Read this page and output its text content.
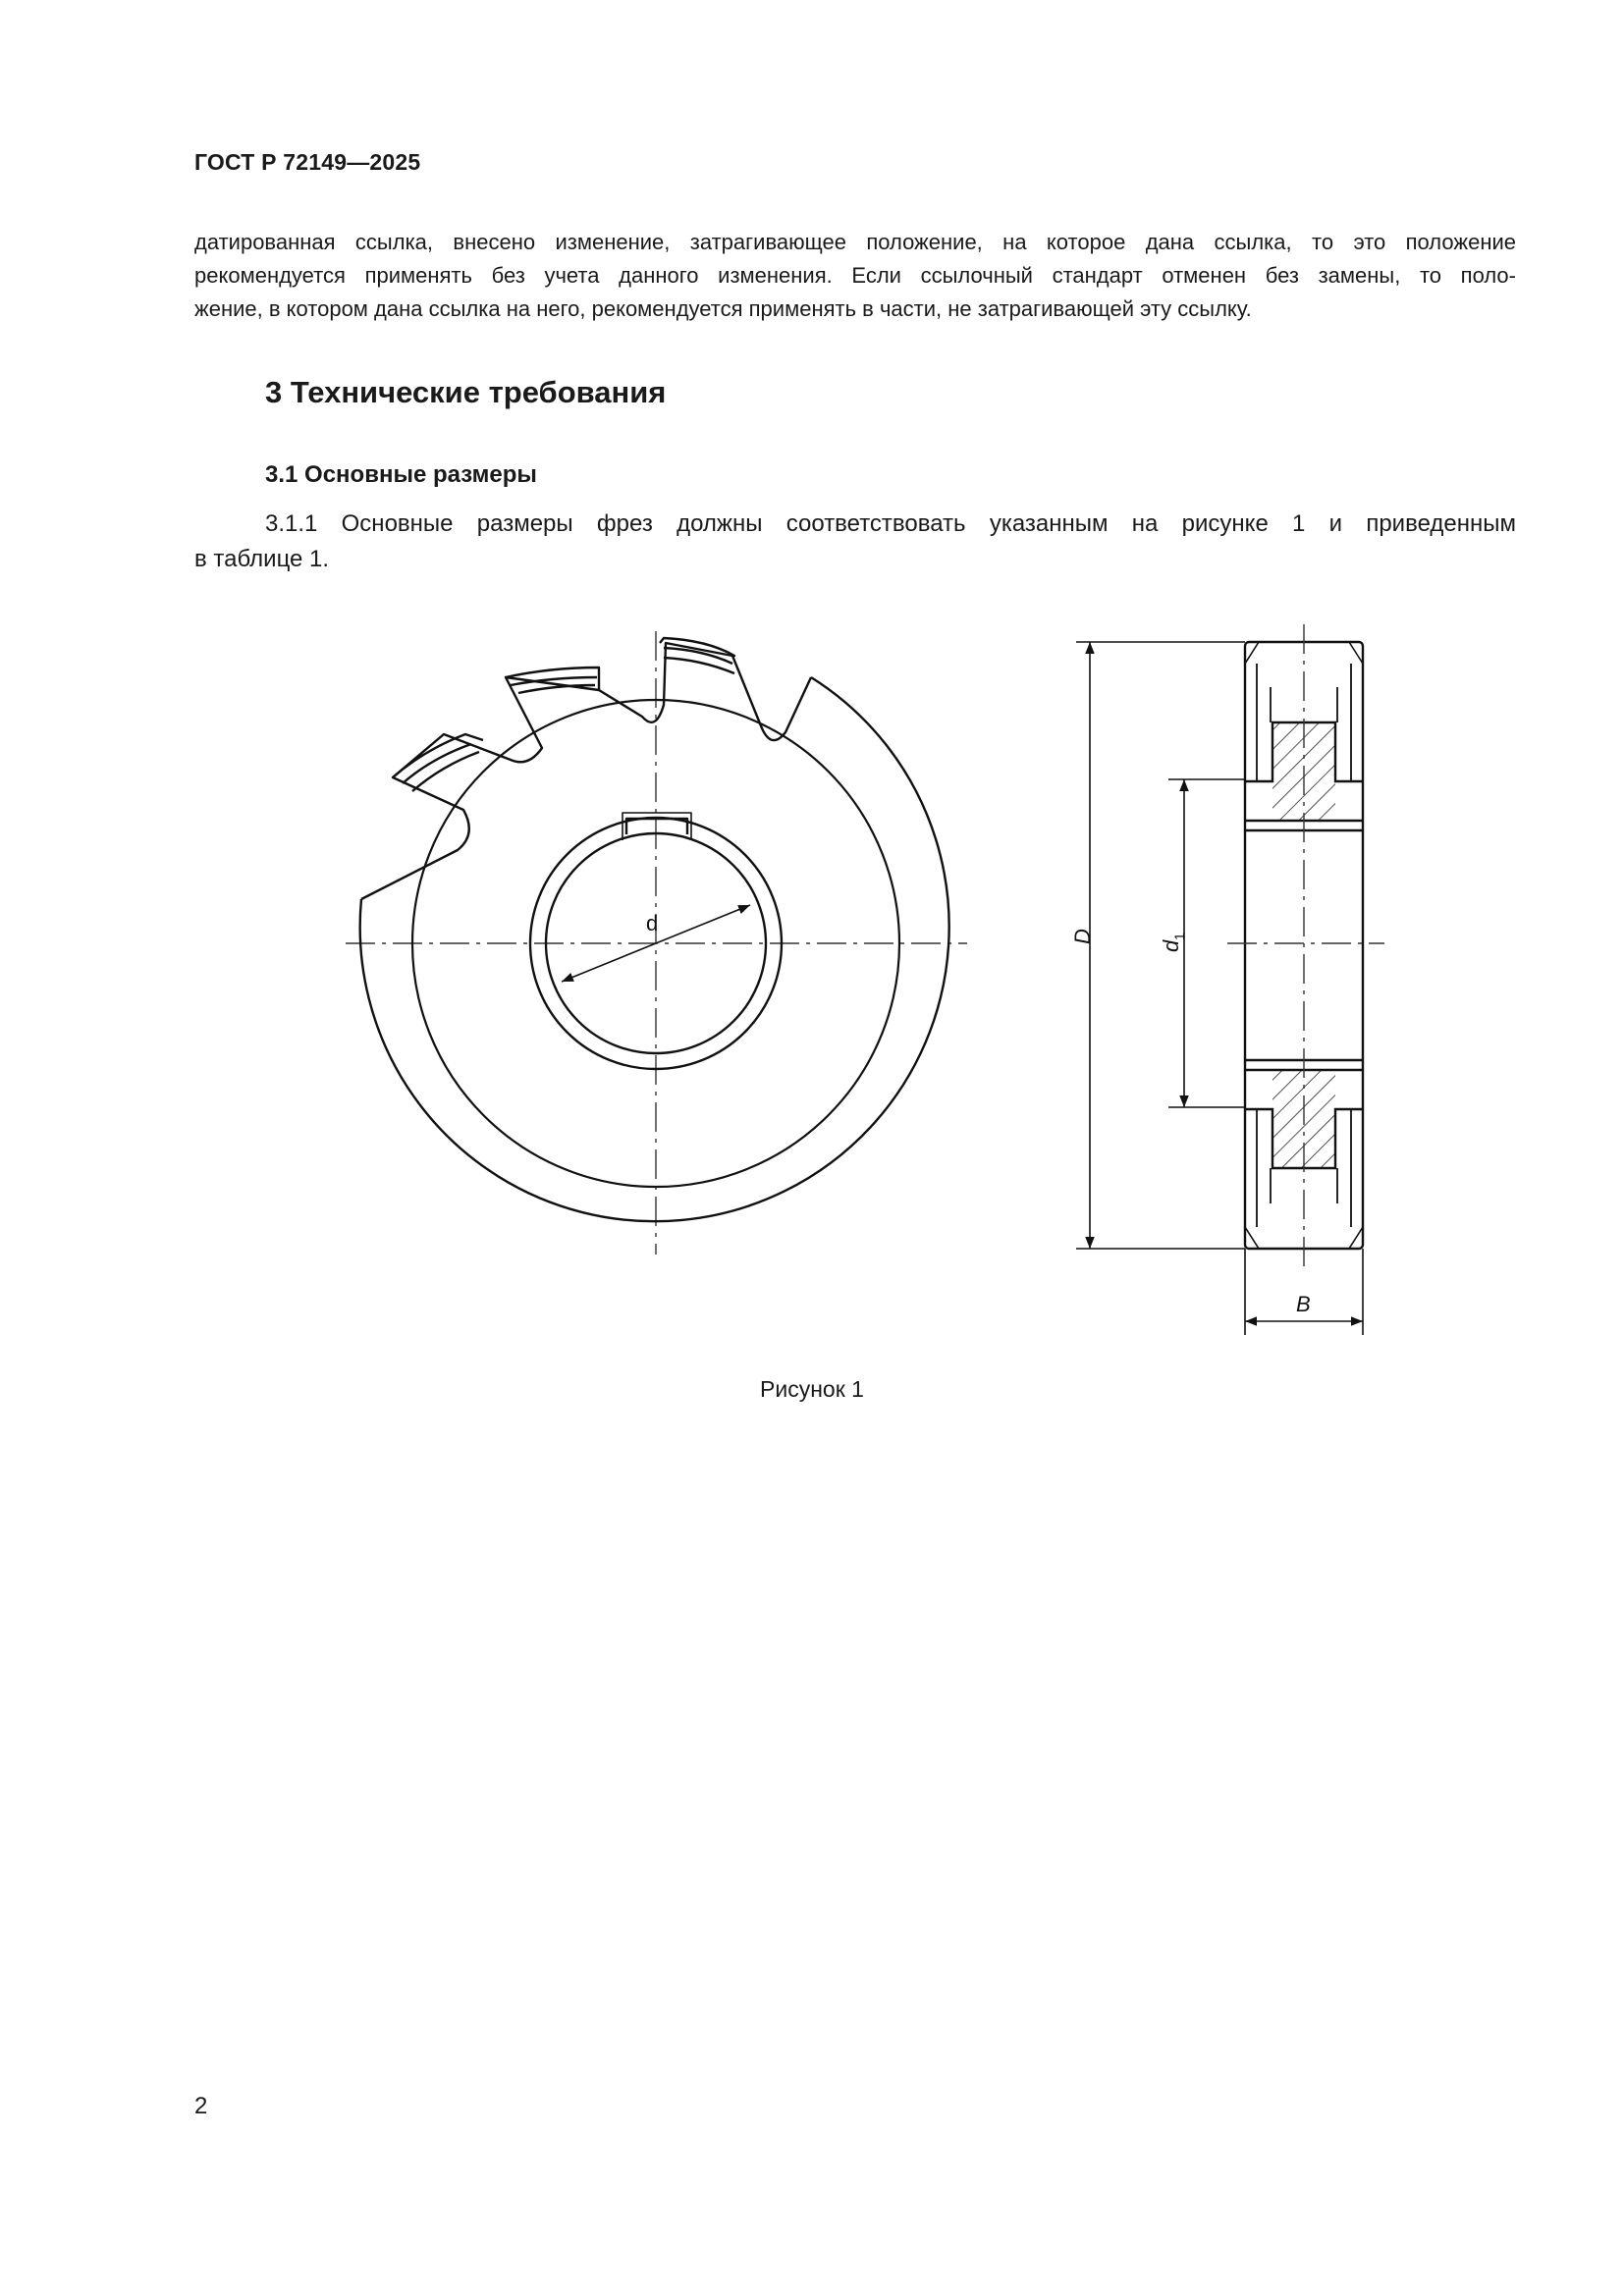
ГОСТ Р 72149—2025
датированная ссылка, внесено изменение, затрагивающее положение, на которое дана ссылка, то это положение
рекомендуется применять без учета данного изменения. Если ссылочный стандарт отменен без замены, то поло-
жение, в котором дана ссылка на него, рекомендуется применять в части, не затрагивающей эту ссылку.
3 Технические требования
3.1 Основные размеры
3.1.1 Основные размеры фрез должны соответствовать указанным на рисунке 1 и приведенным
в таблице 1.
d
D
d
1
B
Рисунок 1
2
